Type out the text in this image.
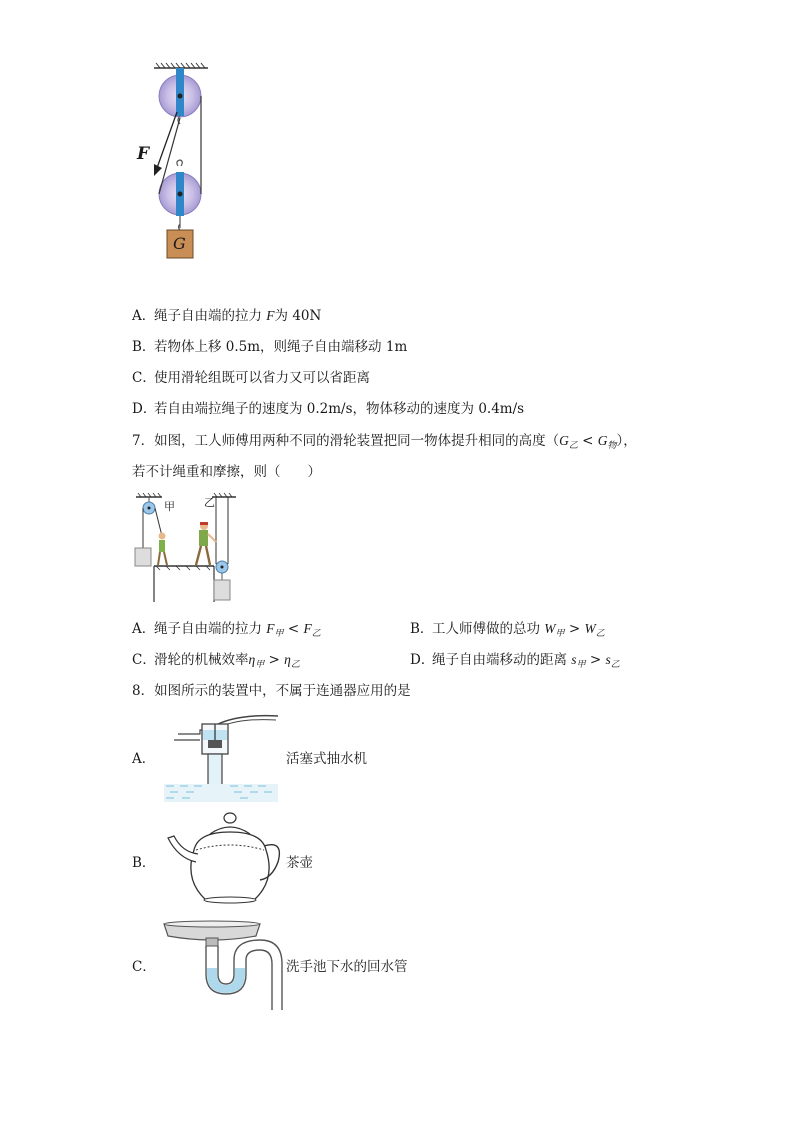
F
G
A．绳子自由端的拉力 F为 40N
B．若物体上移 0.5m，则绳子自由端移动 1m
C．使用滑轮组既可以省力又可以省距离
D．若自由端拉绳子的速度为 0.2m/s，物体移动的速度为 0.4m/s
7．如图，工人师傅用两种不同的滑轮装置把同一物体提升相同的高度$(G_乙 < G_物)$，
若不计绳重和摩擦，则（　　）
甲	乙
A．绳子自由端的拉力 $F_甲 < F_乙$	B．工人师傅做的总功 $W_甲 > W_乙$
C．滑轮的机械效率$\eta_甲 > \eta_乙$	D．绳子自由端移动的距离 $s_甲 > s_乙$
8．如图所示的装置中，不属于连通器应用的是
A．	活塞式抽水机
B．	茶壶
C．	洗手池下水的回水管
